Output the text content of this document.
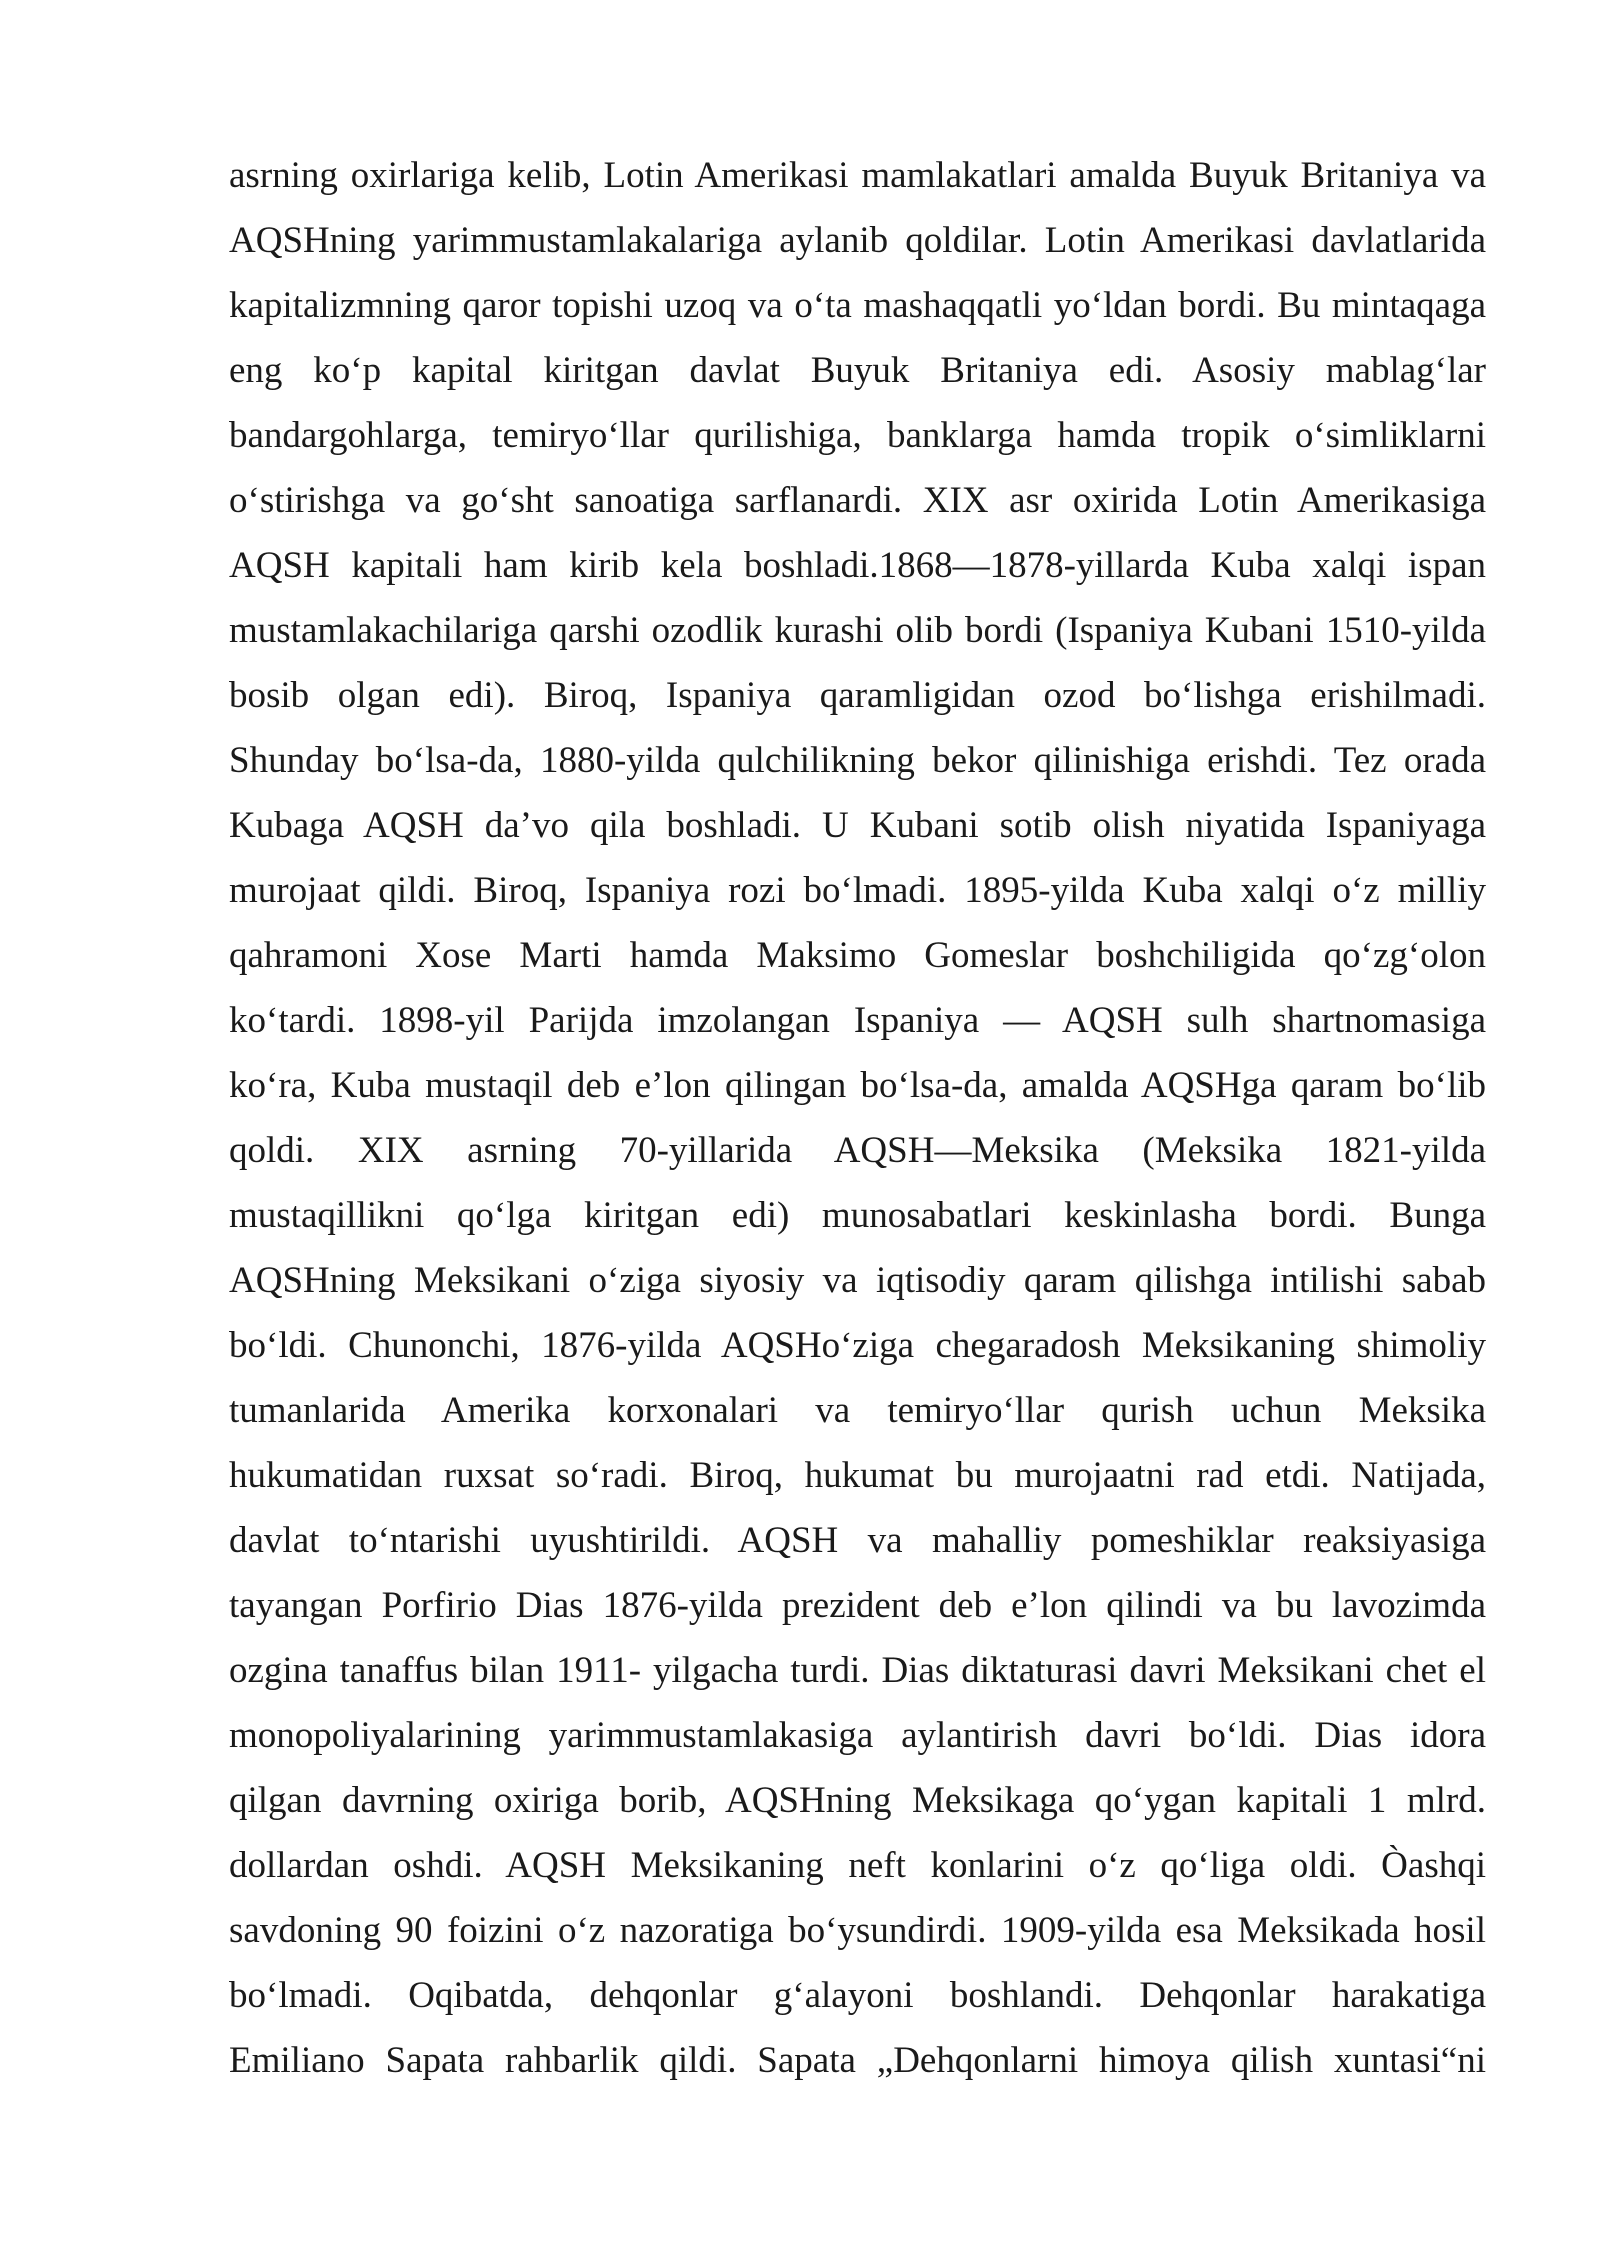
asrning oxirlariga kelib, Lotin Amerikasi mamlakatlari amalda Buyuk Britaniya va
AQSHning yarimmustamlakalariga aylanib qoldilar. Lotin Amerikasi davlatlarida
kapitalizmning qaror topishi uzoq va o‘ta mashaqqatli yo‘ldan bordi. Bu mintaqaga
eng ko‘p kapital kiritgan davlat Buyuk Britaniya edi. Asosiy mablag‘lar
bandargohlarga, temiryo‘llar qurilishiga, banklarga hamda tropik o‘simliklarni
o‘stirishga va go‘sht sanoatiga sarflanardi. XIX asr oxirida Lotin Amerikasiga
AQSH kapitali ham kirib kela boshladi.1868—1878-yillarda Kuba xalqi ispan
mustamlakachilariga qarshi ozodlik kurashi olib bordi (Ispaniya Kubani 1510-yilda
bosib olgan edi). Biroq, Ispaniya qaramligidan ozod bo‘lishga erishilmadi.
Shunday bo‘lsa-da, 1880-yilda qulchilikning bekor qilinishiga erishdi. Tez orada
Kubaga AQSH da’vo qila boshladi. U Kubani sotib olish niyatida Ispaniyaga
murojaat qildi. Biroq, Ispaniya rozi bo‘lmadi. 1895-yilda Kuba xalqi o‘z milliy
qahramoni Xose Marti hamda Maksimo Gomeslar boshchiligida qo‘zg‘olon
ko‘tardi. 1898-yil Parijda imzolangan Ispaniya — AQSH sulh shartnomasiga
ko‘ra, Kuba mustaqil deb e’lon qilingan bo‘lsa-da, amalda AQSHga qaram bo‘lib
qoldi. XIX asrning 70-yillarida AQSH—Meksika (Meksika 1821-yilda
mustaqillikni qo‘lga kiritgan edi) munosabatlari keskinlasha bordi. Bunga
AQSHning Meksikani o‘ziga siyosiy va iqtisodiy qaram qilishga intilishi sabab
bo‘ldi. Chunonchi, 1876-yilda AQSHo‘ziga chegaradosh Meksikaning shimoliy
tumanlarida Amerika korxonalari va temiryo‘llar qurish uchun Meksika
hukumatidan ruxsat so‘radi. Biroq, hukumat bu murojaatni rad etdi. Natijada,
davlat to‘ntarishi uyushtirildi. AQSH va mahalliy pomeshiklar reaksiyasiga
tayangan Porfirio Dias 1876-yilda prezident deb e’lon qilindi va bu lavozimda
ozgina tanaffus bilan 1911- yilgacha turdi. Dias diktaturasi davri Meksikani chet el
monopoliyalarining yarimmustamlakasiga aylantirish davri bo‘ldi. Dias idora
qilgan davrning oxiriga borib, AQSHning Meksikaga qo‘ygan kapitali 1 mlrd.
dollardan oshdi. AQSH Meksikaning neft konlarini o‘z qo‘liga oldi. Òashqi
savdoning 90 foizini o‘z nazoratiga bo‘ysundirdi. 1909-yilda esa Meksikada hosil
bo‘lmadi. Oqibatda, dehqonlar g‘alayoni boshlandi. Dehqonlar harakatiga
Emiliano Sapata rahbarlik qildi. Sapata „Dehqonlarni himoya qilish xuntasi“ni
